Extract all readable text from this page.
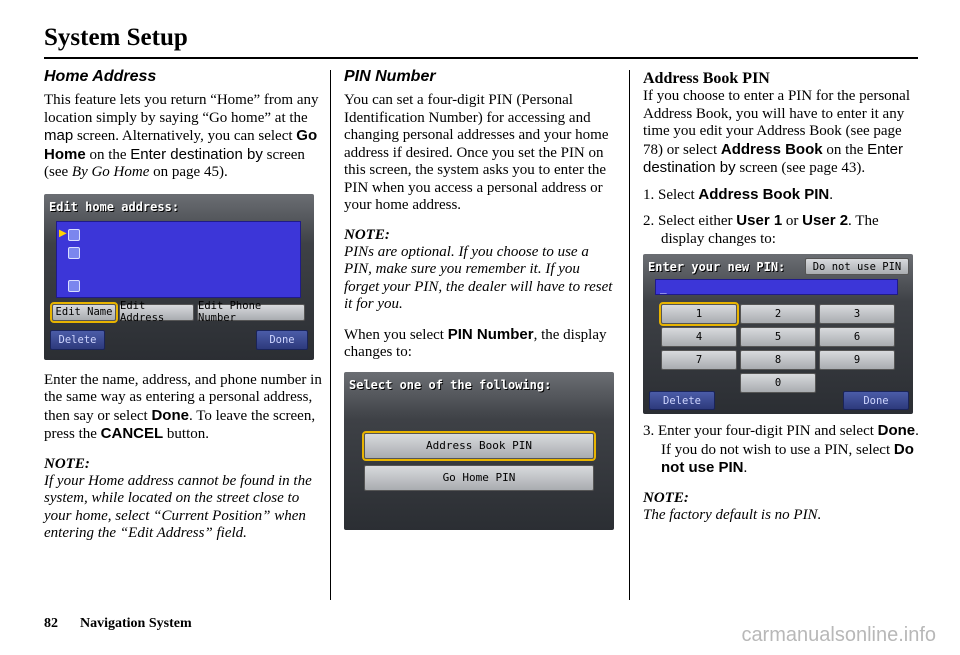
System Setup
Home Address

This feature lets you return “Home” from any location simply by saying “Go home” at the map screen. Alternatively, you can select Go Home on the Enter destination by screen (see By Go Home on page 45).

Edit home address:
▶
Edit Name Edit Address
Edit Phone Number
Delete	Done

Enter the name, address, and phone number in the same way as entering a personal address, then say or select Done. To leave the screen, press the CANCEL button.

NOTE:
If your Home address cannot be found in the system, while located on the street close to your home, select “Current Position” when entering the “Edit Address” field.
PIN Number

You can set a four-digit PIN (Personal Identification Number) for accessing and changing personal addresses and your home address if desired. Once you set the PIN on this screen, the system asks you to enter the PIN when you access a personal address or your home address.

NOTE:
PINs are optional. If you choose to use a PIN, make sure you remember it. If you forget your PIN, the dealer will have to reset it for you.

When you select PIN Number, the display changes to:

Select one of the following:
Address Book PIN
Go Home PIN
Address Book PIN

If you choose to enter a PIN for the personal Address Book, you will have to enter it any time you edit your Address Book (see page 78) or select Address Book on the Enter destination by screen (see page 43).

1. Select Address Book PIN.
2. Select either User 1 or User 2. The display changes to:
Enter your new PIN:	Do not use PIN
_
1	2	3
4	5	6
7	8	9
0
Delete	Done
3. Enter your four-digit PIN and select Done. If you do not wish to use a PIN, select Do not use PIN.
NOTE:
The factory default is no PIN.
82 Navigation System
carmanualsonline.info
